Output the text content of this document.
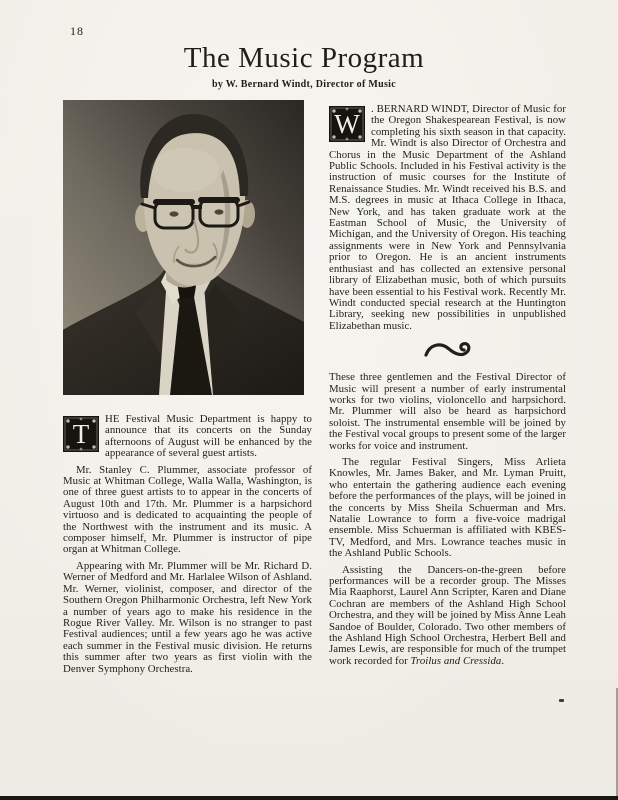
18
The Music Program
by W. Bernard Windt, Director of Music

T	HE Festival Music Department is happy to announce that its concerts on the Sunday afternoons of August will be enhanced by the appearance of several guest artists.

Mr. Stanley C. Plummer, associate professor of Music at Whitman College, Walla Walla, Washington, is one of three guest artists to to appear in the concerts of August 10th and 17th. Mr. Plummer is a harpsichord virtuoso and is dedicated to acquainting the people of the Northwest with the instrument and its music. A composer himself, Mr. Plummer is instructor of pipe organ at Whitman College.

Appearing with Mr. Plummer will be Mr. Richard D. Werner of Medford and Mr. Harlalee Wilson of Ashland. Mr. Werner, violinist, composer, and director of the Southern Oregon Philharmonic Orchestra, left New York a number of years ago to make his residence in the Rogue River Valley. Mr. Wilson is no stranger to past Festival audiences; until a few years ago he was active each summer in the Festival music division. He returns this summer after two years as first violin with the Denver Symphony Orchestra.

W	. BERNARD WINDT, Director of Music for the Oregon Shakespearean Festival, is now completing his sixth season in that capacity. Mr. Windt is also Director of Orchestra and Chorus in the Music Department of the Ashland Public Schools. Included in his Festival activity is the instruction of music courses for the Institute of Renaissance Studies. Mr. Windt received his B.S. and M.S. degrees in music at Ithaca College in Ithaca, New York, and has taken graduate work at the Eastman School of Music, the University of Michigan, and the University of Oregon. His teaching assignments were in New York and Pennsylvania prior to Oregon. He is an ancient instruments enthusiast and has collected an extensive personal library of Elizabethan music, both of which pursuits have been essential to his Festival work. Recently Mr. Windt conducted special research at the Huntington Library, seeking new possibilities in unpublished Elizabethan music.

These three gentlemen and the Festival Director of Music will present a number of early instrumental works for two violins, violoncello and harpsichord. Mr. Plummer will also be heard as harpsichord soloist. The instrumental ensemble will be joined by the Festival vocal groups to present some of the larger works for voice and instrument.

The regular Festival Singers, Miss Arlieta Knowles, Mr. James Baker, and Mr. Lyman Pruitt, who entertain the gathering audience each evening before the performances of the plays, will be joined in the concerts by Miss Sheila Schuerman and Mrs. Natalie Lowrance to form a five-voice madrigal ensemble. Miss Schuerman is affiliated with KBES-TV, Medford, and Mrs. Lowrance teaches music in the Ashland Public Schools.

Assisting the Dancers-on-the-green before performances will be a recorder group. The Misses Mia Raaphorst, Laurel Ann Scripter, Karen and Diane Cochran are members of the Ashland High School Orchestra, and they will be joined by Miss Anne Leah Sandoe of Boulder, Colorado. Two other members of the Ashland High School Orchestra, Herbert Bell and James Lewis, are responsible for much of the trumpet work recorded for Troilus and Cressida.
